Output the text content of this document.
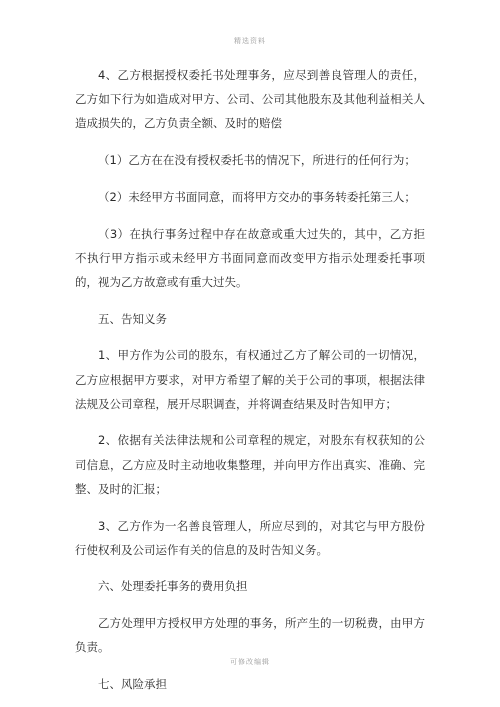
精选资料

4、乙方根据授权委托书处理事务，应尽到善良管理人的责任，乙方如下行为如造成对甲方、公司、公司其他股东及其他利益相关人造成损失的，乙方负责全额、及时的赔偿

（1）乙方在在没有授权委托书的情况下，所进行的任何行为；

（2）未经甲方书面同意，而将甲方交办的事务转委托第三人；

（3）在执行事务过程中存在故意或重大过失的，其中，乙方拒不执行甲方指示或未经甲方书面同意而改变甲方指示处理委托事项的，视为乙方故意或有重大过失。

五、告知义务

1、甲方作为公司的股东，有权通过乙方了解公司的一切情况，乙方应根据甲方要求，对甲方希望了解的关于公司的事项，根据法律法规及公司章程，展开尽职调查，并将调查结果及时告知甲方；

2、依据有关法律法规和公司章程的规定，对股东有权获知的公司信息，乙方应及时主动地收集整理，并向甲方作出真实、准确、完整、及时的汇报；

3、乙方作为一名善良管理人，所应尽到的，对其它与甲方股份行使权利及公司运作有关的信息的及时告知义务。

六、处理委托事务的费用负担

乙方处理甲方授权甲方处理的事务，所产生的一切税费，由甲方负责。

七、风险承担

可修改编辑
